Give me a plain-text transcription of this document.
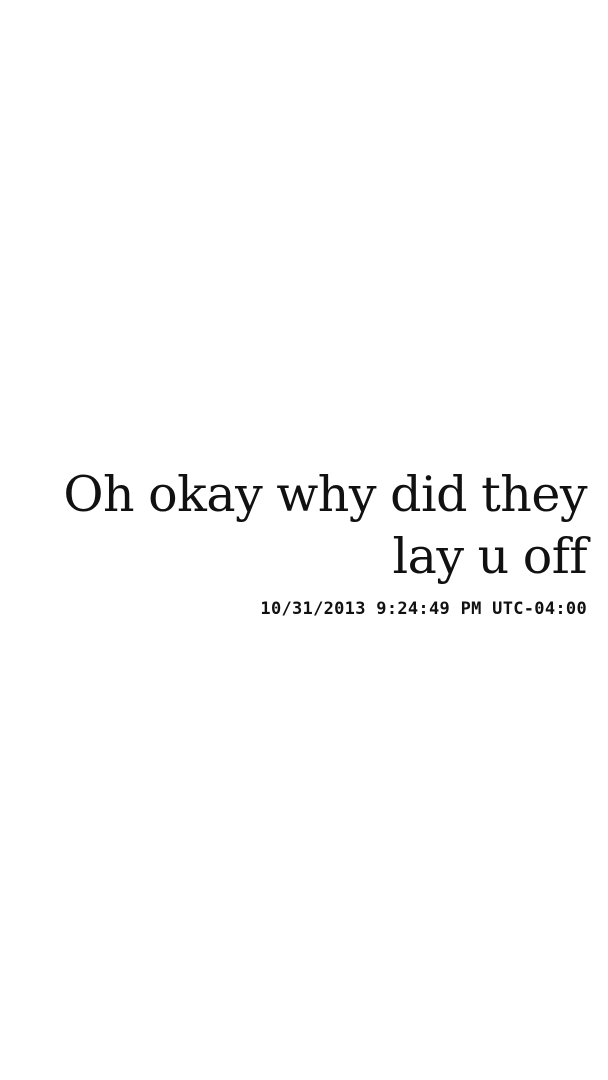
Oh okay why did they lay u off

10/31/2013 9:24:49 PM UTC-04:00
